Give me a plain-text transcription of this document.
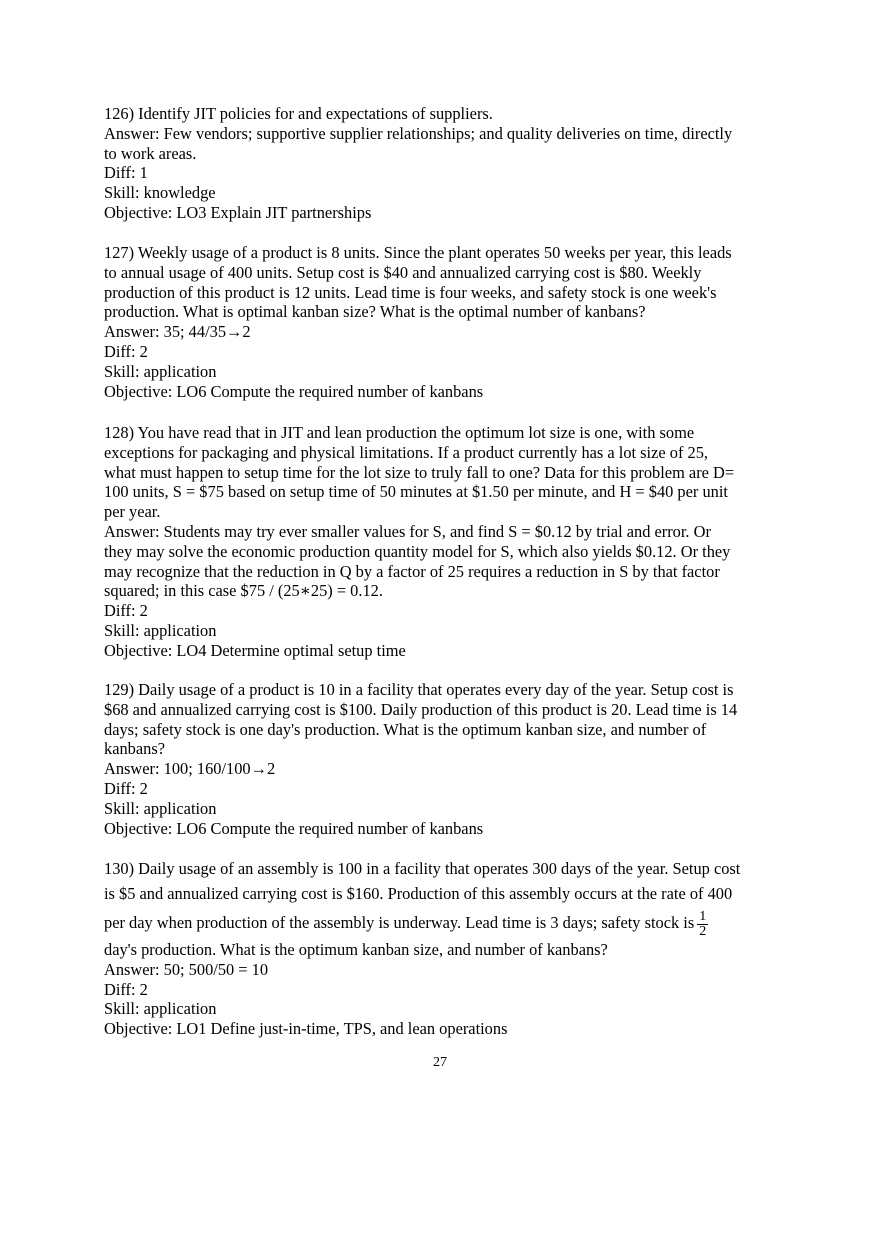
126) Identify JIT policies for and expectations of suppliers.
Answer: Few vendors; supportive supplier relationships; and quality deliveries on time, directly
to work areas.
Diff: 1
Skill: knowledge
Objective: LO3 Explain JIT partnerships
127) Weekly usage of a product is 8 units. Since the plant operates 50 weeks per year, this leads
to annual usage of 400 units. Setup cost is $40 and annualized carrying cost is $80. Weekly
production of this product is 12 units. Lead time is four weeks, and safety stock is one week's
production. What is optimal kanban size? What is the optimal number of kanbans?
Answer: 35; 44/35→2
Diff: 2
Skill: application
Objective: LO6 Compute the required number of kanbans
128) You have read that in JIT and lean production the optimum lot size is one, with some
exceptions for packaging and physical limitations. If a product currently has a lot size of 25,
what must happen to setup time for the lot size to truly fall to one? Data for this problem are D=
100 units, S = $75 based on setup time of 50 minutes at $1.50 per minute, and H = $40 per unit
per year.
Answer: Students may try ever smaller values for S, and find S = $0.12 by trial and error. Or
they may solve the economic production quantity model for S, which also yields $0.12. Or they
may recognize that the reduction in Q by a factor of 25 requires a reduction in S by that factor
squared; in this case $75 / (25∗25) = 0.12.
Diff: 2
Skill: application
Objective: LO4 Determine optimal setup time
129) Daily usage of a product is 10 in a facility that operates every day of the year. Setup cost is
$68 and annualized carrying cost is $100. Daily production of this product is 20. Lead time is 14
days; safety stock is one day's production. What is the optimum kanban size, and number of
kanbans?
Answer: 100; 160/100→2
Diff: 2
Skill: application
Objective: LO6 Compute the required number of kanbans
130) Daily usage of an assembly is 100 in a facility that operates 300 days of the year. Setup cost
is $5 and annualized carrying cost is $160. Production of this assembly occurs at the rate of 400
per day when production of the assembly is underway. Lead time is 3 days; safety stock is $\frac{1}{2}$
day's production. What is the optimum kanban size, and number of kanbans?
Answer: 50; 500/50 = 10
Diff: 2
Skill: application
Objective: LO1 Define just-in-time, TPS, and lean operations
27
